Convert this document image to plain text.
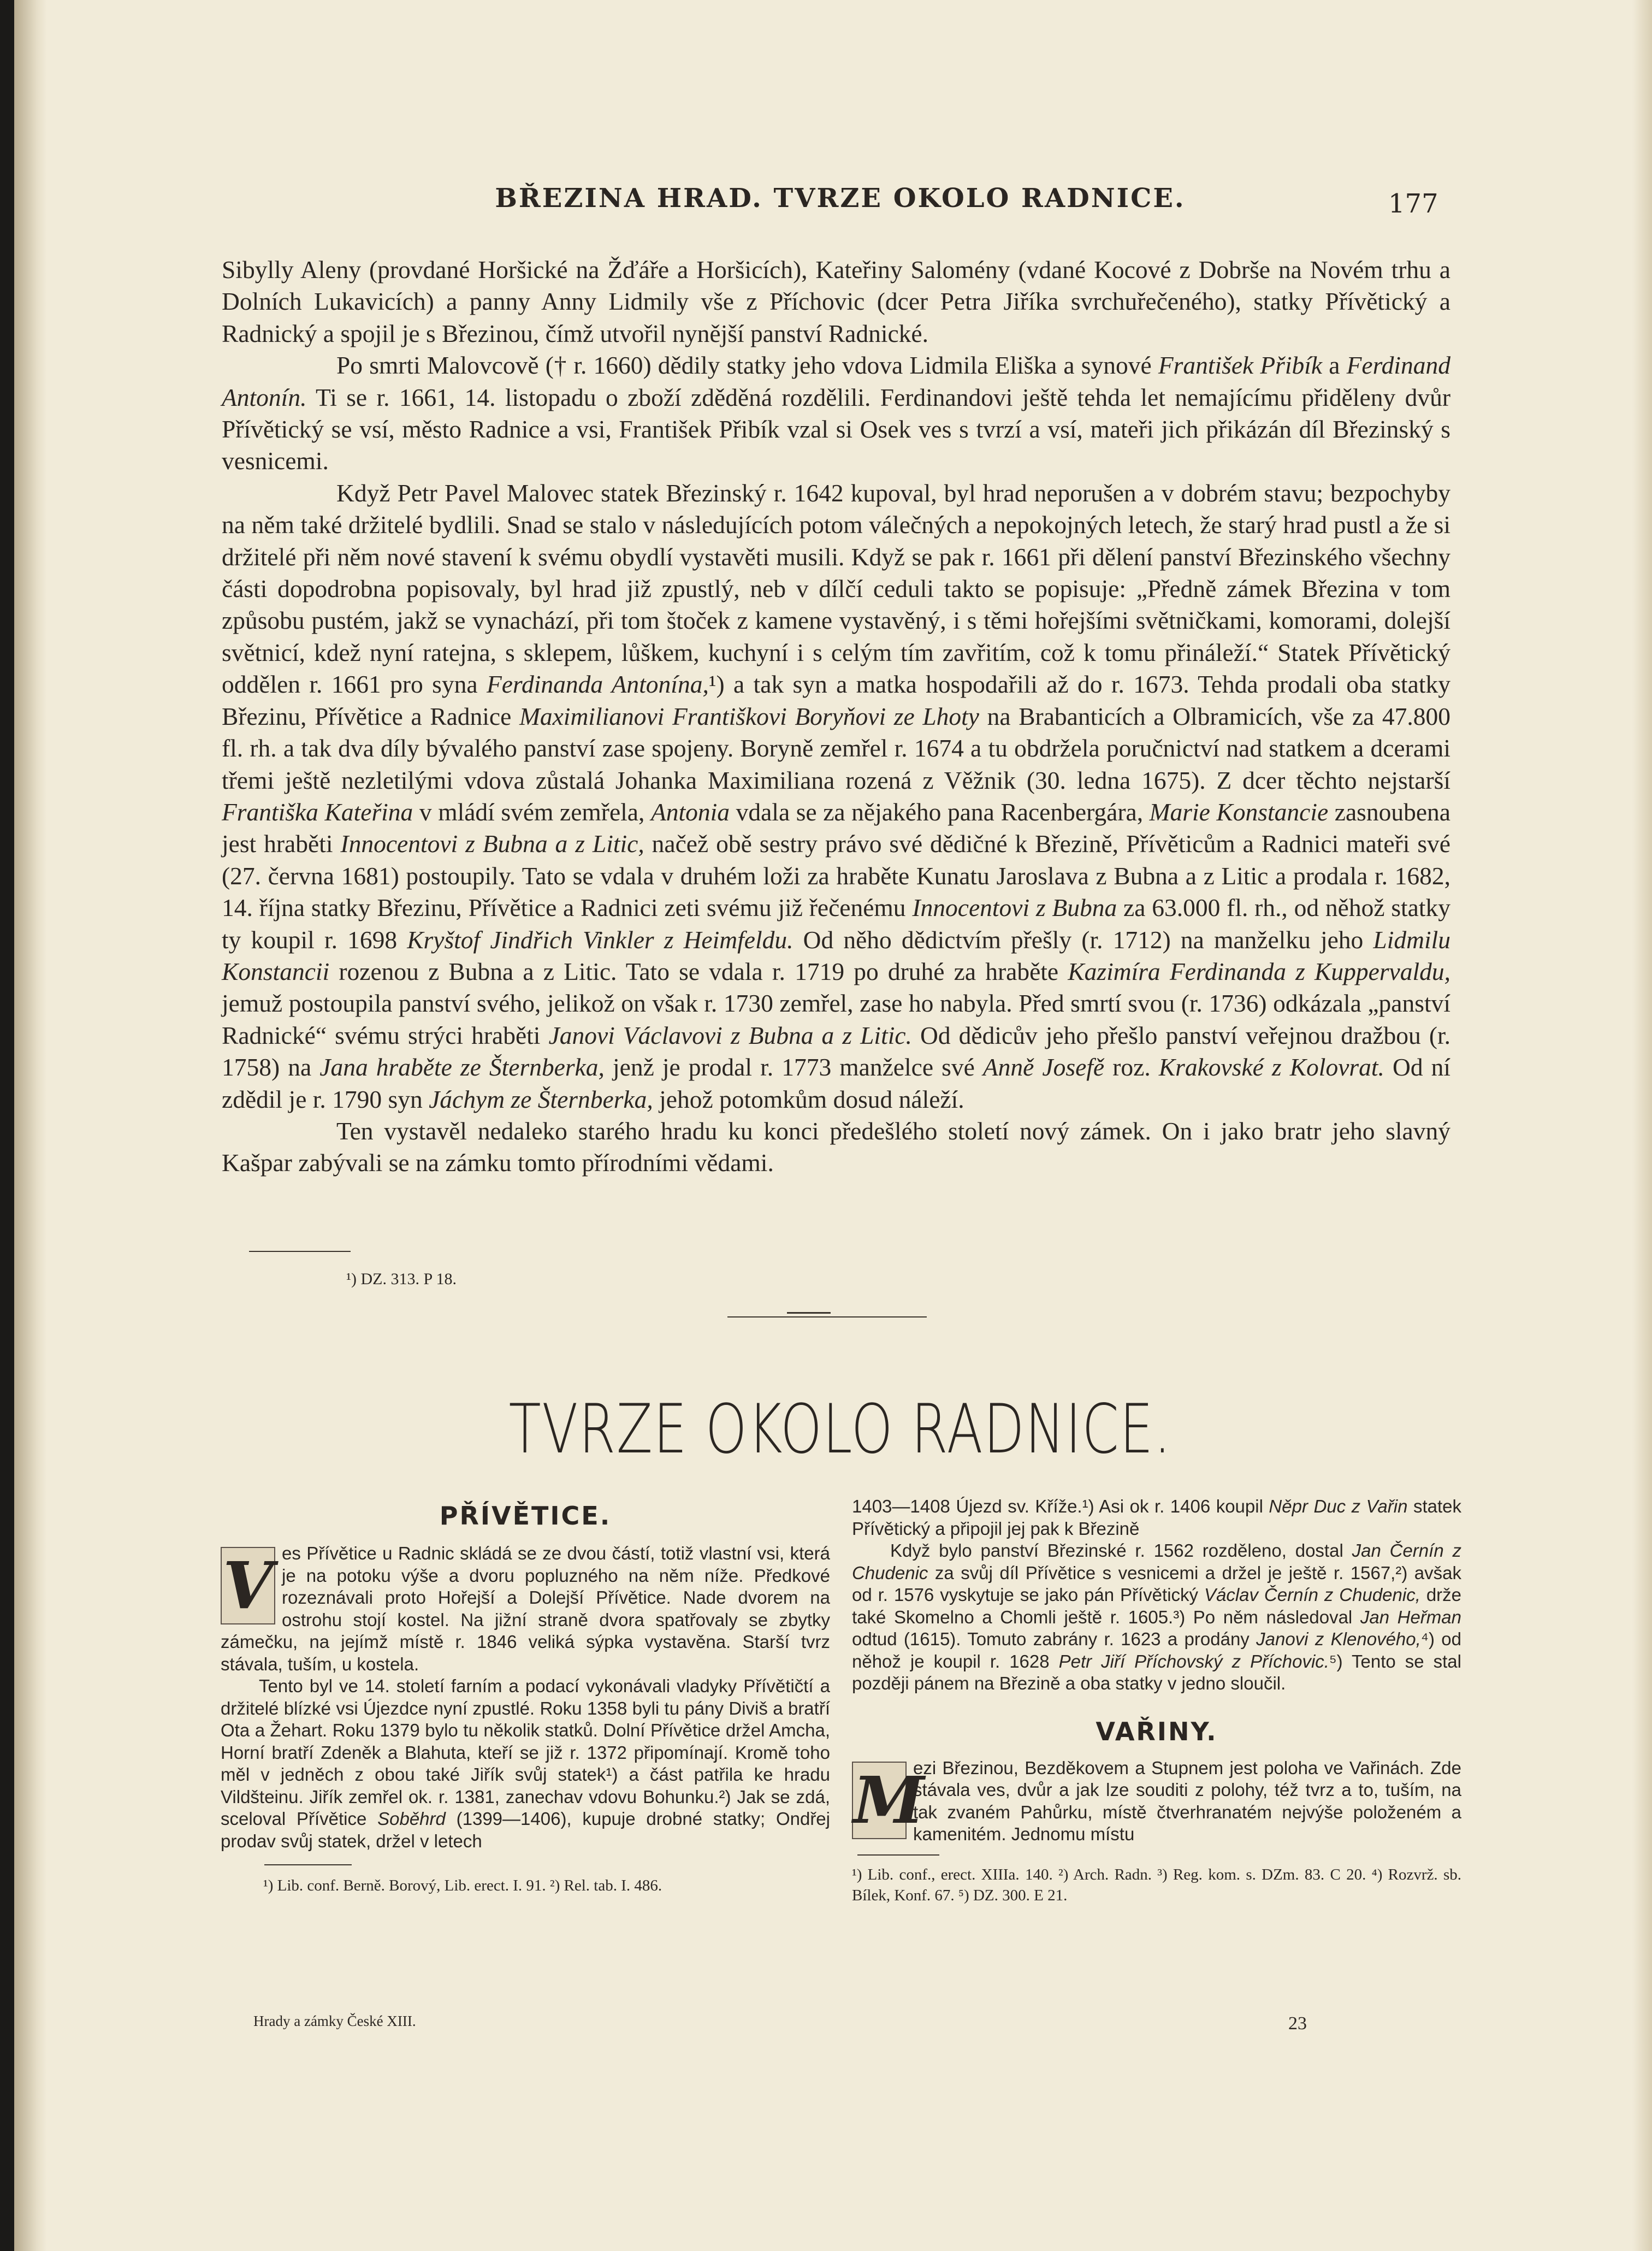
BŘEZINA HRAD. TVRZE OKOLO RADNICE.	177

Sibylly Aleny (provdané Horšické na Žďáře a Horšicích), Kateřiny Salomény (vdané Kocové z Dobrše na Novém trhu a Dolních Lukavicích) a panny Anny Lidmily vše z Příchovic (dcer Petra Jiříka svrchuřečeného), statky Přívětický a Radnický a spojil je s Březinou, čímž utvořil nynější panství Radnické.

Po smrti Malovcově († r. 1660) dědily statky jeho vdova Lidmila Eliška a synové František Přibík a Ferdinand Antonín. Ti se r. 1661, 14. listopadu o zboží zděděná rozdělili. Ferdinandovi ještě tehda let nemajícímu přiděleny dvůr Přívětický se vsí, město Radnice a vsi, František Přibík vzal si Osek ves s tvrzí a vsí, mateři jich přikázán díl Březinský s vesnicemi.

Když Petr Pavel Malovec statek Březinský r. 1642 kupoval, byl hrad neporušen a v dobrém stavu; bezpochyby na něm také držitelé bydlili. Snad se stalo v následujících potom válečných a nepokojných letech, že starý hrad pustl a že si držitelé při něm nové stavení k svému obydlí vystavěti musili. Když se pak r. 1661 při dělení panství Březinského všechny části dopodrobna popisovaly, byl hrad již zpustlý, neb v dílčí ceduli takto se popisuje: „Předně zámek Březina v tom způsobu pustém, jakž se vynachází, při tom štoček z kamene vystavěný, i s těmi hořejšími světničkami, komorami, dolejší světnicí, kdež nyní ratejna, s sklepem, lůškem, kuchyní i s celým tím zavřitím, což k tomu přináleží.“ Statek Přívětický oddělen r. 1661 pro syna Ferdinanda Antonína,¹) a tak syn a matka hospodařili až do r. 1673. Tehda prodali oba statky Březinu, Přívětice a Radnice Maximilianovi Františkovi Boryňovi ze Lhoty na Brabanticích a Olbramicích, vše za 47.800 fl. rh. a tak dva díly bývalého panství zase spojeny. Boryně zemřel r. 1674 a tu obdržela poručnictví nad statkem a dcerami třemi ještě nezletilými vdova zůstalá Johanka Maximiliana rozená z Věžnik (30. ledna 1675). Z dcer těchto nejstarší Františka Kateřina v mládí svém zemřela, Antonia vdala se za nějakého pana Racenbergára, Marie Konstancie zasnoubena jest hraběti Innocentovi z Bubna a z Litic, načež obě sestry právo své dědičné k Březině, Přívěticům a Radnici mateři své (27. června 1681) postoupily. Tato se vdala v druhém loži za hraběte Kunatu Jaroslava z Bubna a z Litic a prodala r. 1682, 14. října statky Březinu, Přívětice a Radnici zeti svému již řečenému Innocentovi z Bubna za 63.000 fl. rh., od něhož statky ty koupil r. 1698 Kryštof Jindřich Vinkler z Heimfeldu. Od něho dědictvím přešly (r. 1712) na manželku jeho Lidmilu Konstancii rozenou z Bubna a z Litic. Tato se vdala r. 1719 po druhé za hraběte Kazimíra Ferdinanda z Kuppervaldu, jemuž postoupila panství svého, jelikož on však r. 1730 zemřel, zase ho nabyla. Před smrtí svou (r. 1736) odkázala „panství Radnické“ svému strýci hraběti Janovi Václavovi z Bubna a z Litic. Od dědicův jeho přešlo panství veřejnou dražbou (r. 1758) na Jana hraběte ze Šternberka, jenž je prodal r. 1773 manželce své Anně Josefě roz. Krakovské z Kolovrat. Od ní zdědil je r. 1790 syn Jáchym ze Šternberka, jehož potomkům dosud náleží.

Ten vystavěl nedaleko starého hradu ku konci předešlého století nový zámek. On i jako bratr jeho slavný Kašpar zabývali se na zámku tomto přírodními vědami.

¹) DZ. 313. P 18.
TVRZE OKOLO RADNICE.
PŘÍVĚTICE.

V es Přívětice u Radnic skládá se ze dvou částí, totiž vlastní vsi, která je na potoku výše a dvoru popluzného na něm níže. Předkové rozeznávali proto Hořejší a Dolejší Přívětice. Nade dvorem na ostrohu stojí kostel. Na jižní straně dvora spatřovaly se zbytky zámečku, na jejímž místě r. 1846 veliká sýpka vystavěna. Starší tvrz stávala, tuším, u kostela.

Tento byl ve 14. století farním a podací vykonávali vladyky Přívětičtí a držitelé blízké vsi Újezdce nyní zpustlé. Roku 1358 byli tu pány Diviš a bratří Ota a Žehart. Roku 1379 bylo tu několik statků. Dolní Přívětice držel Amcha, Horní bratří Zdeněk a Blahuta, kteří se již r. 1372 připomínají. Kromě toho měl v jedněch z obou také Jiřík svůj statek¹) a část patřila ke hradu Vildšteinu. Jiřík zemřel ok. r. 1381, zanechav vdovu Bohunku.²) Jak se zdá, sceloval Přívětice Soběhrd (1399—1406), kupuje drobné statky; Ondřej prodav svůj statek, držel v letech

¹) Lib. conf. Berně. Borový, Lib. erect. I. 91. ²) Rel. tab. I. 486.
Hrady a zámky České XIII.

1403—1408 Újezd sv. Kříže.¹) Asi ok r. 1406 koupil Něpr Duc z Vařin statek Přívětický a připojil jej pak k Březině

Když bylo panství Březinské r. 1562 rozděleno, dostal Jan Černín z Chudenic za svůj díl Přívětice s vesnicemi a držel je ještě r. 1567,²) avšak od r. 1576 vyskytuje se jako pán Přívětický Václav Černín z Chudenic, drže také Skomelno a Chomli ještě r. 1605.³) Po něm následoval Jan Heřman odtud (1615). Tomuto zabrány r. 1623 a prodány Janovi z Klenového,⁴) od něhož je koupil r. 1628 Petr Jiří Příchovský z Příchovic.⁵) Tento se stal později pánem na Březině a oba statky v jedno sloučil.

VAŘINY.

M
ezi Březinou, Bezděkovem a Stupnem jest poloha ve Vařinách. Zde stávala ves, dvůr a jak lze souditi z polohy, též tvrz a to, tuším, na tak zvaném Pahůrku, místě čtverhranatém nejvýše položeném a kamenitém. Jednomu místu

¹) Lib. conf., erect. XIIIa. 140. ²) Arch. Radn. ³) Reg. kom. s. DZm. 83. C 20. ⁴) Rozvrž. sb. Bílek, Konf. 67. ⁵) DZ. 300. E 21.
23
